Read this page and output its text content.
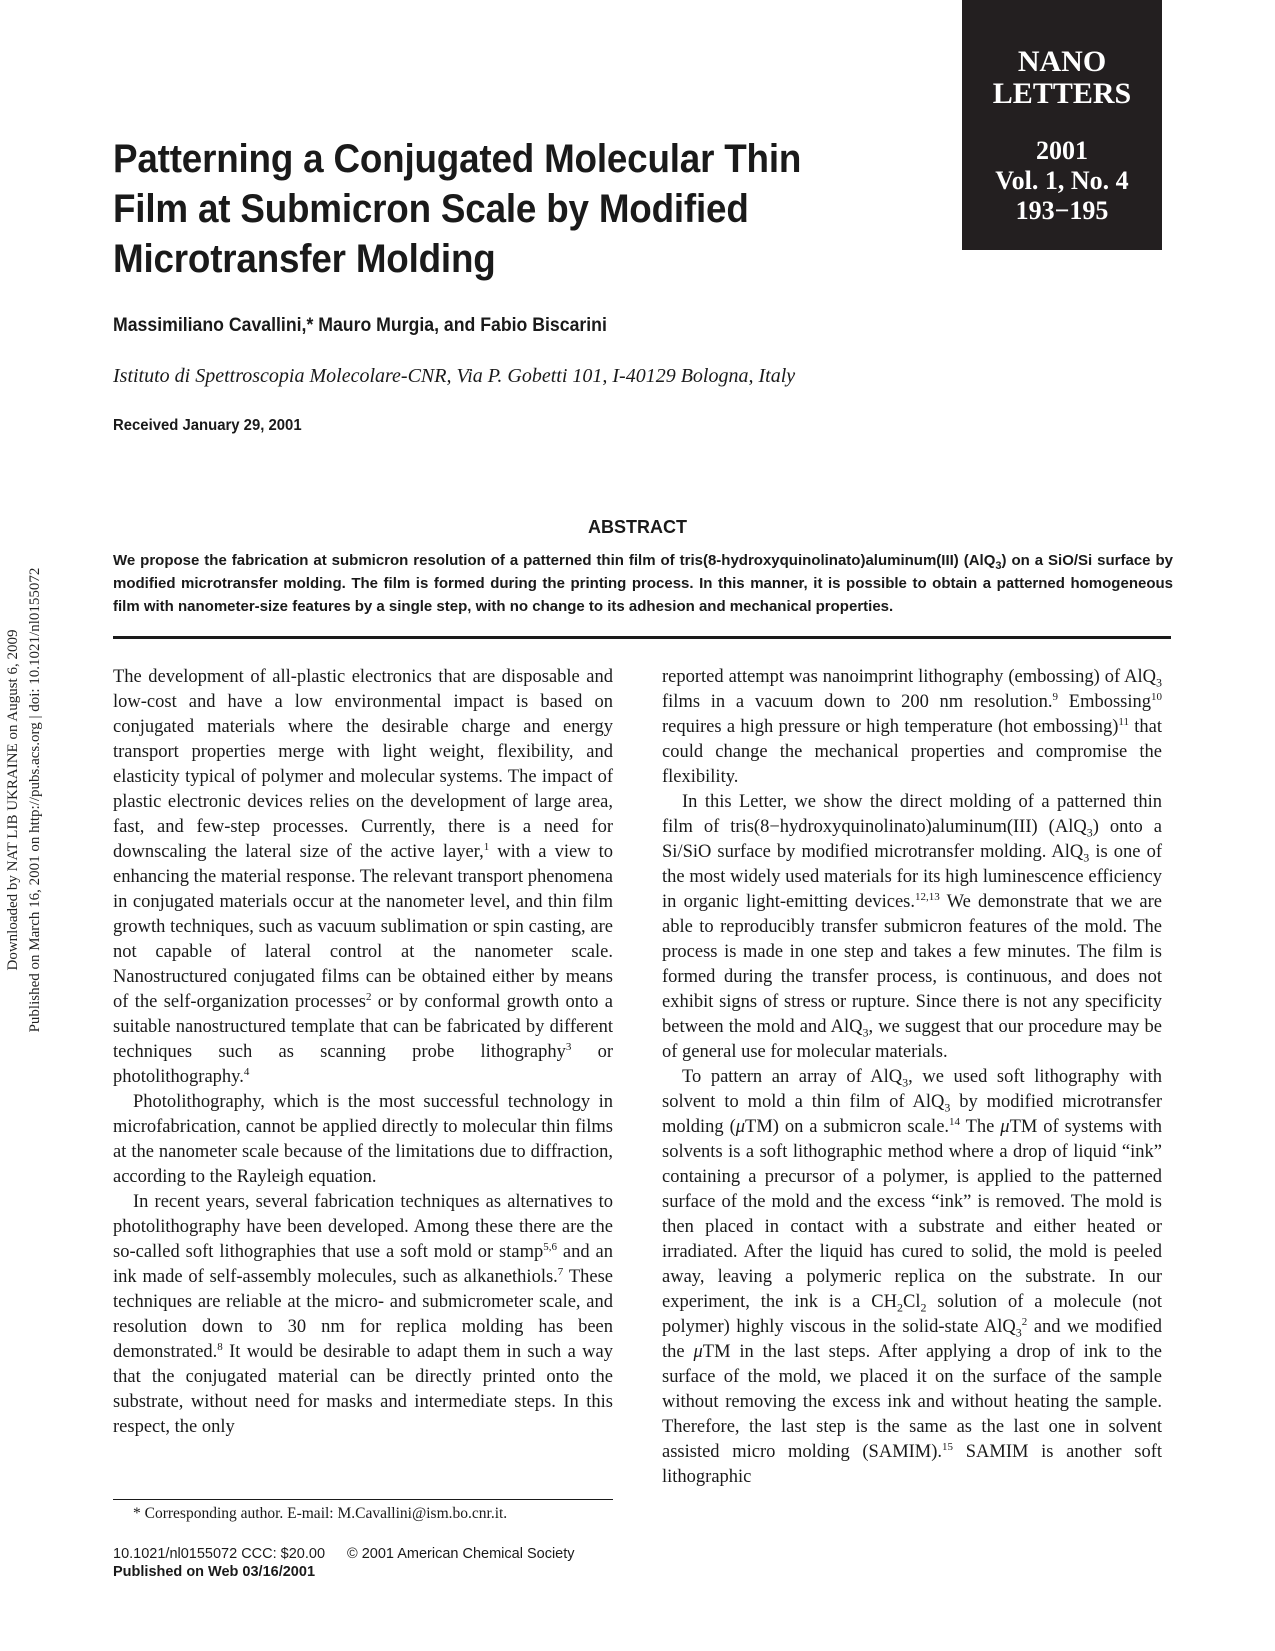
NANO
LETTERS
2001
Vol. 1, No. 4
193−195
Downloaded by NAT LIB UKRAINE on August 6, 2009 Published on March 16, 2001 on http://pubs.acs.org | doi: 10.1021/nl0155072
Patterning a Conjugated Molecular Thin
Film at Submicron Scale by Modified
Microtransfer Molding
Massimiliano Cavallini,* Mauro Murgia, and Fabio Biscarini
Istituto di Spettroscopia Molecolare-CNR, Via P. Gobetti 101, I-40129 Bologna, Italy
Received January 29, 2001
ABSTRACT
We propose the fabrication at submicron resolution of a patterned thin film of tris(8-hydroxyquinolinato)aluminum(III) (AlQ$_3$) on a SiO/Si surface by modified microtransfer molding. The film is formed during the printing process. In this manner, it is possible to obtain a patterned homogeneous film with nanometer-size features by a single step, with no change to its adhesion and mechanical properties.

The development of all-plastic electronics that are disposable and low-cost and have a low environmental impact is based on conjugated materials where the desirable charge and energy transport properties merge with light weight, flexibility, and elasticity typical of polymer and molecular systems. The impact of plastic electronic devices relies on the development of large area, fast, and few-step processes. Currently, there is a need for downscaling the lateral size of the active layer,$^1$ with a view to enhancing the material response. The relevant transport phenomena in conjugated materials occur at the nanometer level, and thin film growth techniques, such as vacuum sublimation or spin casting, are not capable of lateral control at the nanometer scale. Nanostructured conjugated films can be obtained either by means of the self-organization processes$^2$ or by conformal growth onto a suitable nanostructured template that can be fabricated by different techniques such as scanning probe lithography$^3$ or photolithography.$^4$

Photolithography, which is the most successful technology in microfabrication, cannot be applied directly to molecular thin films at the nanometer scale because of the limitations due to diffraction, according to the Rayleigh equation.

In recent years, several fabrication techniques as alternatives to photolithography have been developed. Among these there are the so-called soft lithographies that use a soft mold or stamp$^{5,6}$ and an ink made of self-assembly molecules, such as alkanethiols.$^7$ These techniques are reliable at the micro- and submicrometer scale, and resolution down to 30 nm for replica molding has been demonstrated.$^8$ It would be desirable to adapt them in such a way that the conjugated material can be directly printed onto the substrate, without need for masks and intermediate steps. In this respect, the only

reported attempt was nanoimprint lithography (embossing) of AlQ$_3$ films in a vacuum down to 200 nm resolution.$^9$ Embossing$^{10}$ requires a high pressure or high temperature (hot embossing)$^{11}$ that could change the mechanical properties and compromise the flexibility.

In this Letter, we show the direct molding of a patterned thin film of tris(8−hydroxyquinolinato)aluminum(III) (AlQ$_3$) onto a Si/SiO surface by modified microtransfer molding. AlQ$_3$ is one of the most widely used materials for its high luminescence efficiency in organic light-emitting devices.$^{12,13}$ We demonstrate that we are able to reproducibly transfer submicron features of the mold. The process is made in one step and takes a few minutes. The film is formed during the transfer process, is continuous, and does not exhibit signs of stress or rupture. Since there is not any specificity between the mold and AlQ$_3$, we suggest that our procedure may be of general use for molecular materials.

To pattern an array of AlQ$_3$, we used soft lithography with solvent to mold a thin film of AlQ$_3$ by modified microtransfer molding (μTM) on a submicron scale.$^{14}$ The μTM of systems with solvents is a soft lithographic method where a drop of liquid “ink” containing a precursor of a polymer, is applied to the patterned surface of the mold and the excess “ink” is removed. The mold is then placed in contact with a substrate and either heated or irradiated. After the liquid has cured to solid, the mold is peeled away, leaving a polymeric replica on the substrate. In our experiment, the ink is a $CH_2Cl_2$ solution of a molecule (not polymer) highly viscous in the solid-state AlQ$_3^2$ and we modified the μTM in the last steps. After applying a drop of ink to the surface of the mold, we placed it on the surface of the sample without removing the excess ink and without heating the sample. Therefore, the last step is the same as the last one in solvent assisted micro molding (SAMIM).$^{15}$ SAMIM is another soft lithographic

* Corresponding author. E-mail: M.Cavallini@ism.bo.cnr.it.
10.1021/nl0155072 CCC: $20.00 © 2001 American Chemical Society
Published on Web 03/16/2001
